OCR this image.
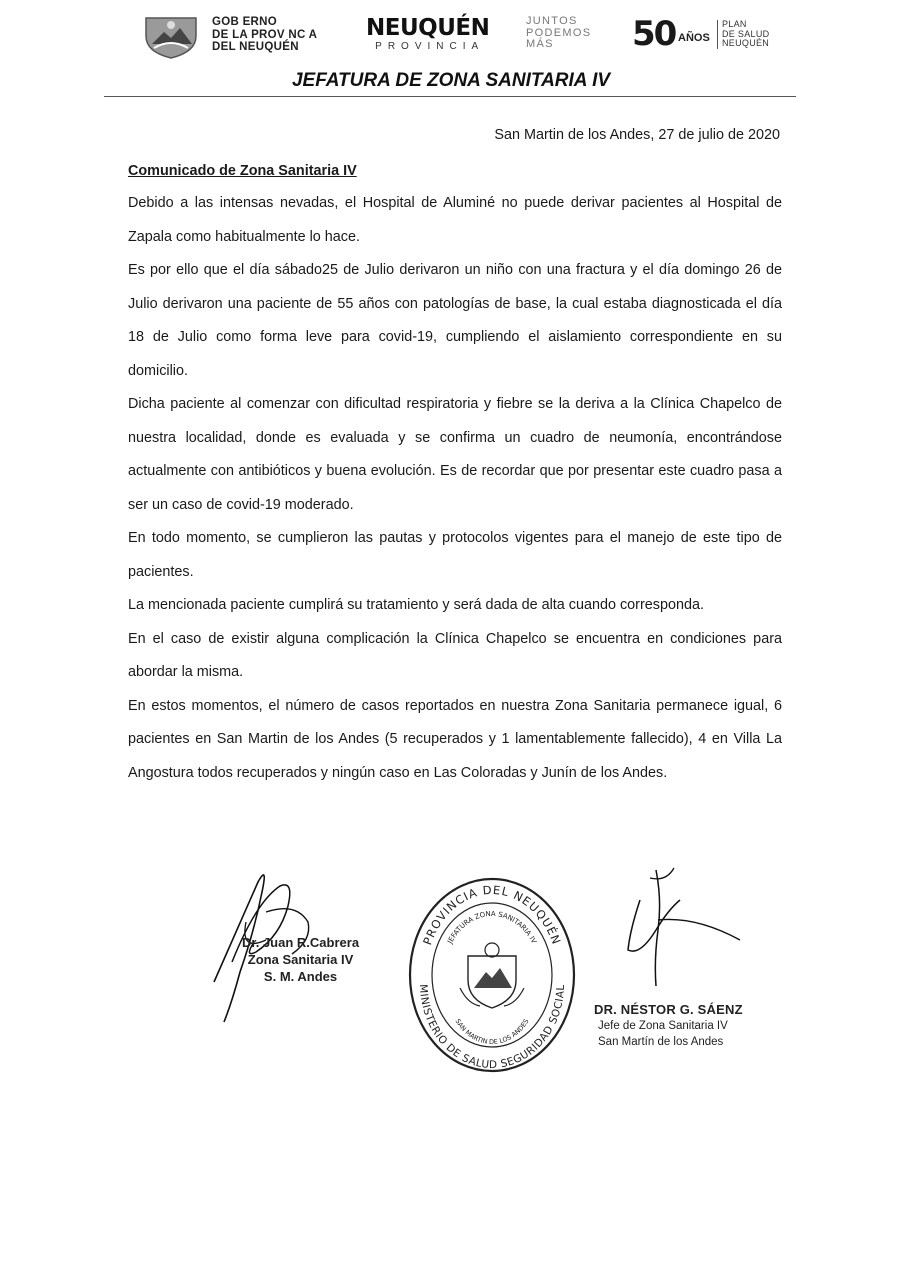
GOB ERNO
DE LA PROV NC A
DEL NEUQUÉN
NEUQUÉN
PROVINCIA
JUNTOS
PODEMOS
MÁS	50 AÑOS
PLAN
DE SALUD
NEUQUÉN
JEFATURA DE ZONA SANITARIA IV
San Martin de los Andes, 27 de julio de 2020
Comunicado de Zona Sanitaria IV

Debido a las intensas nevadas, el Hospital de Aluminé no puede derivar pacientes al Hospital de Zapala como habitualmente lo hace.

Es por ello que el día sábado25 de Julio derivaron un niño con una fractura y el día domingo 26 de Julio derivaron una paciente de 55 años con patologías de base, la cual estaba diagnosticada el día 18 de Julio como forma leve para covid-19, cumpliendo el aislamiento correspondiente en su domicilio.

Dicha paciente al comenzar con dificultad respiratoria y fiebre se la deriva a la Clínica Chapelco de nuestra localidad, donde es evaluada y se confirma un cuadro de neumonía, encontrándose actualmente con antibióticos y buena evolución. Es de recordar que por presentar este cuadro pasa a ser un caso de covid-19 moderado.

En todo momento, se cumplieron las pautas y protocolos vigentes para el manejo de este tipo de pacientes.

La mencionada paciente cumplirá su tratamiento y será dada de alta cuando corresponda.

En el caso de existir alguna complicación la Clínica Chapelco se encuentra en condiciones para abordar la misma.

En estos momentos, el número de casos reportados en nuestra Zona Sanitaria permanece igual, 6 pacientes en San Martin de los Andes (5 recuperados y 1 lamentablemente fallecido), 4 en Villa La Angostura todos recuperados y ningún caso en Las Coloradas y Junín de los Andes.

Dr. Juan R.Cabrera
Zona Sanitaria IV
S. M. Andes
PROVINCIA DEL NEUQUÉN
MINISTERIO DE SALUD SEGURIDAD SOCIAL
JEFATURA ZONA SANITARIA IV
SAN MARTIN DE LOS ANDES
DR. NÉSTOR G. SÁENZ
Jefe de Zona Sanitaria IV
San Martín de los Andes
